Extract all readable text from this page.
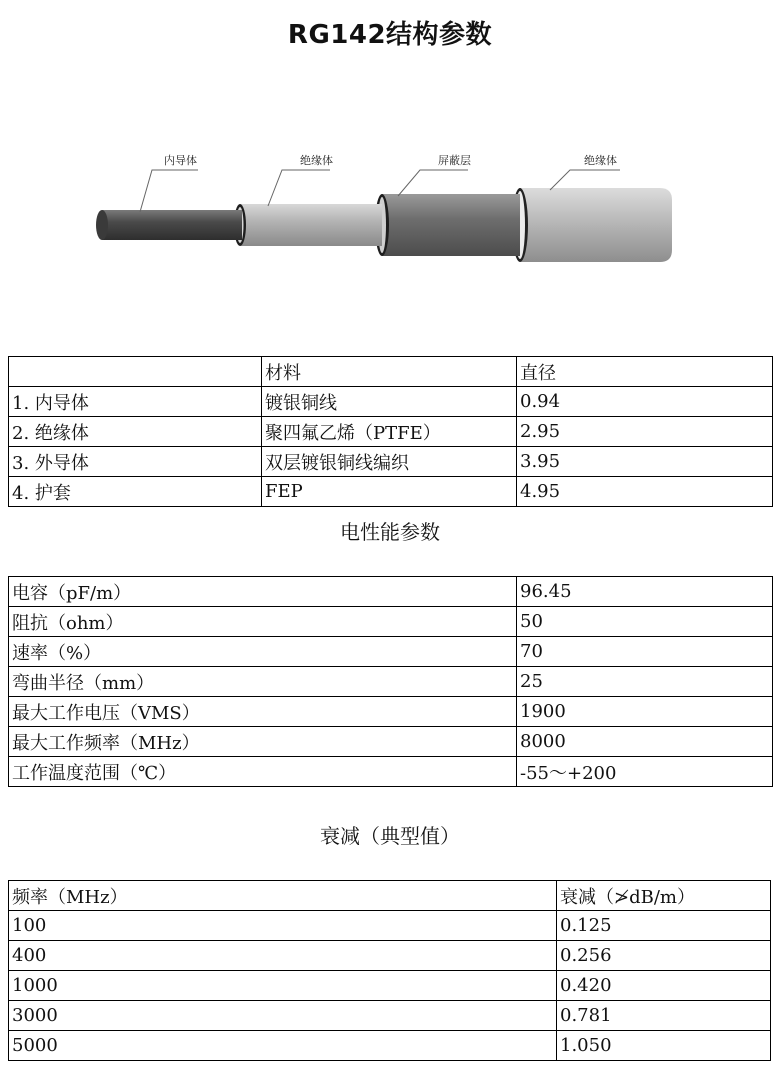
RG142结构参数
内导体	绝缘体	屏蔽层	绝缘体
	材料	直径
1. 内导体	镀银铜线	0.94
2. 绝缘体	聚四氟乙烯（PTFE）	2.95
3. 外导体	双层镀银铜线编织	3.95
4. 护套	FEP	4.95
电性能参数
电容（pF/m）	96.45
阻抗（ohm）	50
速率（%）	70
弯曲半径（mm）	25
最大工作电压（VMS）	1900
最大工作频率（MHz）	8000
工作温度范围（℃）	-55～+200
衰减（典型值）
频率（MHz）	衰减（≯dB/m）
100	0.125
400	0.256
1000	0.420
3000	0.781
5000	1.050
